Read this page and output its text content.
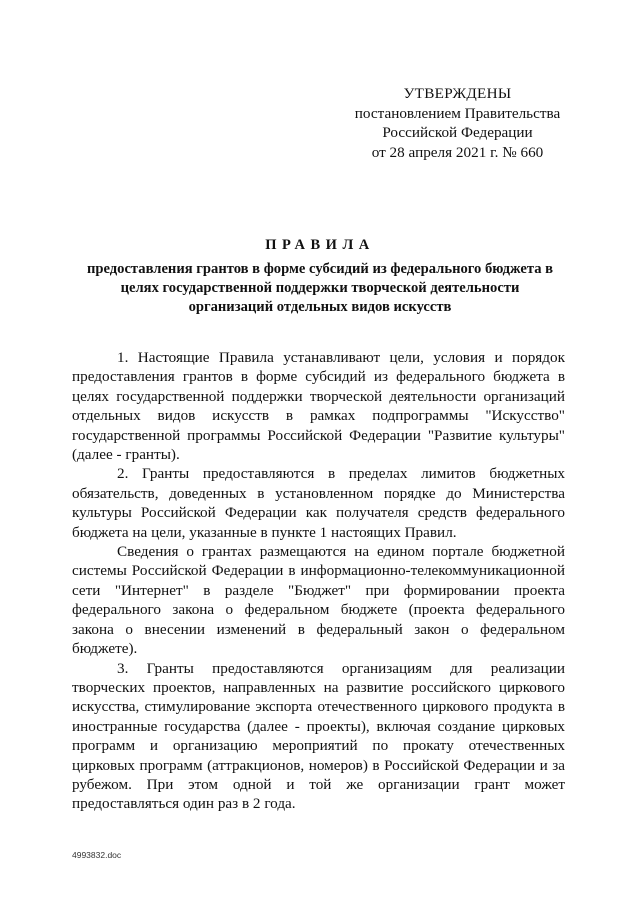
УТВЕРЖДЕНЫ
постановлением Правительства
Российской Федерации
от 28 апреля 2021 г. № 660
ПРАВИЛА
предоставления грантов в форме субсидий из федерального бюджета в целях государственной поддержки творческой деятельности организаций отдельных видов искусств

1. Настоящие Правила устанавливают цели, условия и порядок предоставления грантов в форме субсидий из федерального бюджета в целях государственной поддержки творческой деятельности организаций отдельных видов искусств в рамках подпрограммы "Искусство" государственной программы Российской Федерации "Развитие культуры" (далее - гранты).

2. Гранты предоставляются в пределах лимитов бюджетных обязательств, доведенных в установленном порядке до Министерства культуры Российской Федерации как получателя средств федерального бюджета на цели, указанные в пункте 1 настоящих Правил.

Сведения о грантах размещаются на едином портале бюджетной системы Российской Федерации в информационно-телекоммуникационной сети "Интернет" в разделе "Бюджет" при формировании проекта федерального закона о федеральном бюджете (проекта федерального закона о внесении изменений в федеральный закон о федеральном бюджете).

3. Гранты предоставляются организациям для реализации творческих проектов, направленных на развитие российского циркового искусства, стимулирование экспорта отечественного циркового продукта в иностранные государства (далее - проекты), включая создание цирковых программ и организацию мероприятий по прокату отечественных цирковых программ (аттракционов, номеров) в Российской Федерации и за рубежом. При этом одной и той же организации грант может предоставляться один раз в 2 года.

4993832.doc
